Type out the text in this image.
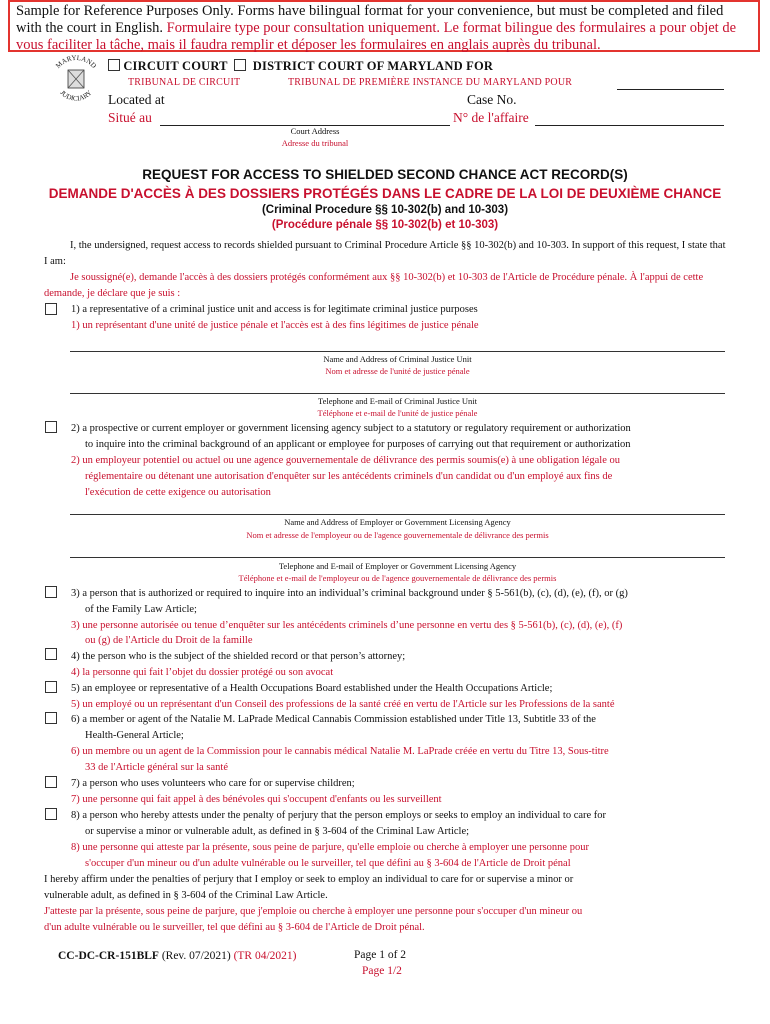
Sample for Reference Purposes Only. Forms have bilingual format for your convenience, but must be completed and filed with the court in English. Formulaire type pour consultation uniquement. Le format bilingue des formulaires a pour objet de vous faciliter la tâche, mais il faudra remplir et déposer les formulaires en anglais auprès du tribunal.
MARYLAND
JUDICIARY
CIRCUIT COURT DISTRICT COURT OF MARYLAND FOR
TRIBUNAL DE CIRCUIT	TRIBUNAL DE PREMIÈRE INSTANCE DU MARYLAND POUR
Located at	Case No.
Situé au	N° de l'affaire
Court Address
Adresse du tribunal
REQUEST FOR ACCESS TO SHIELDED SECOND CHANCE ACT RECORD(S)
DEMANDE D'ACCÈS À DES DOSSIERS PROTÉGÉS DANS LE CADRE DE LA LOI DE DEUXIÈME CHANCE
(Criminal Procedure §§ 10-302(b) and 10-303)
(Procédure pénale §§ 10-302(b) et 10-303)
I, the undersigned, request access to records shielded pursuant to Criminal Procedure Article §§ 10-302(b) and 10-303. In support of this request, I state that I am:
Je soussigné(e), demande l'accès à des dossiers protégés conformément aux §§ 10-302(b) et 10-303 de l'Article de Procédure pénale. À l'appui de cette demande, je déclare que je suis :
1) a representative of a criminal justice unit and access is for legitimate criminal justice purposes
1) un représentant d'une unité de justice pénale et l'accès est à des fins légitimes de justice pénale
Name and Address of Criminal Justice Unit
Nom et adresse de l'unité de justice pénale
Telephone and E-mail of Criminal Justice Unit
Téléphone et e-mail de l'unité de justice pénale
2) a prospective or current employer or government licensing agency subject to a statutory or regulatory requirement or authorization
to inquire into the criminal background of an applicant or employee for purposes of carrying out that requirement or authorization
2) un employeur potentiel ou actuel ou une agence gouvernementale de délivrance des permis soumis(e) à une obligation légale ou
réglementaire ou détenant une autorisation d'enquêter sur les antécédents criminels d'un candidat ou d'un employé aux fins de
l'exécution de cette exigence ou autorisation
Name and Address of Employer or Government Licensing Agency
Nom et adresse de l'employeur ou de l'agence gouvernementale de délivrance des permis
Telephone and E-mail of Employer or Government Licensing Agency
Téléphone et e-mail de l'employeur ou de l'agence gouvernementale de délivrance des permis
3) a person that is authorized or required to inquire into an individual’s criminal background under § 5-561(b), (c), (d), (e), (f), or (g)
of the Family Law Article;
3) une personne autorisée ou tenue d’enquêter sur les antécédents criminels d’une personne en vertu des § 5-561(b), (c), (d), (e), (f)
ou (g) de l'Article du Droit de la famille
4) the person who is the subject of the shielded record or that person’s attorney;
4) la personne qui fait l’objet du dossier protégé ou son avocat
5) an employee or representative of a Health Occupations Board established under the Health Occupations Article;
5) un employé ou un représentant d'un Conseil des professions de la santé créé en vertu de l'Article sur les Professions de la santé
6) a member or agent of the Natalie M. LaPrade Medical Cannabis Commission established under Title 13, Subtitle 33 of the
Health-General Article;
6) un membre ou un agent de la Commission pour le cannabis médical Natalie M. LaPrade créée en vertu du Titre 13, Sous-titre
33 de l'Article général sur la santé
7) a person who uses volunteers who care for or supervise children;
7) une personne qui fait appel à des bénévoles qui s'occupent d'enfants ou les surveillent
8) a person who hereby attests under the penalty of perjury that the person employs or seeks to employ an individual to care for
or supervise a minor or vulnerable adult, as defined in § 3-604 of the Criminal Law Article;
8) une personne qui atteste par la présente, sous peine de parjure, qu'elle emploie ou cherche à employer une personne pour
s'occuper d'un mineur ou d'un adulte vulnérable ou le surveiller, tel que défini au § 3-604 de l'Article de Droit pénal
I hereby affirm under the penalties of perjury that I employ or seek to employ an individual to care for or supervise a minor or
vulnerable adult, as defined in § 3-604 of the Criminal Law Article.
J'atteste par la présente, sous peine de parjure, que j'emploie ou cherche à employer une personne pour s'occuper d'un mineur ou
d'un adulte vulnérable ou le surveiller, tel que défini au § 3-604 de l'Article de Droit pénal.
CC-DC-CR-151BLF (Rev. 07/2021) (TR 04/2021)	Page 1 of 2
Page 1/2
